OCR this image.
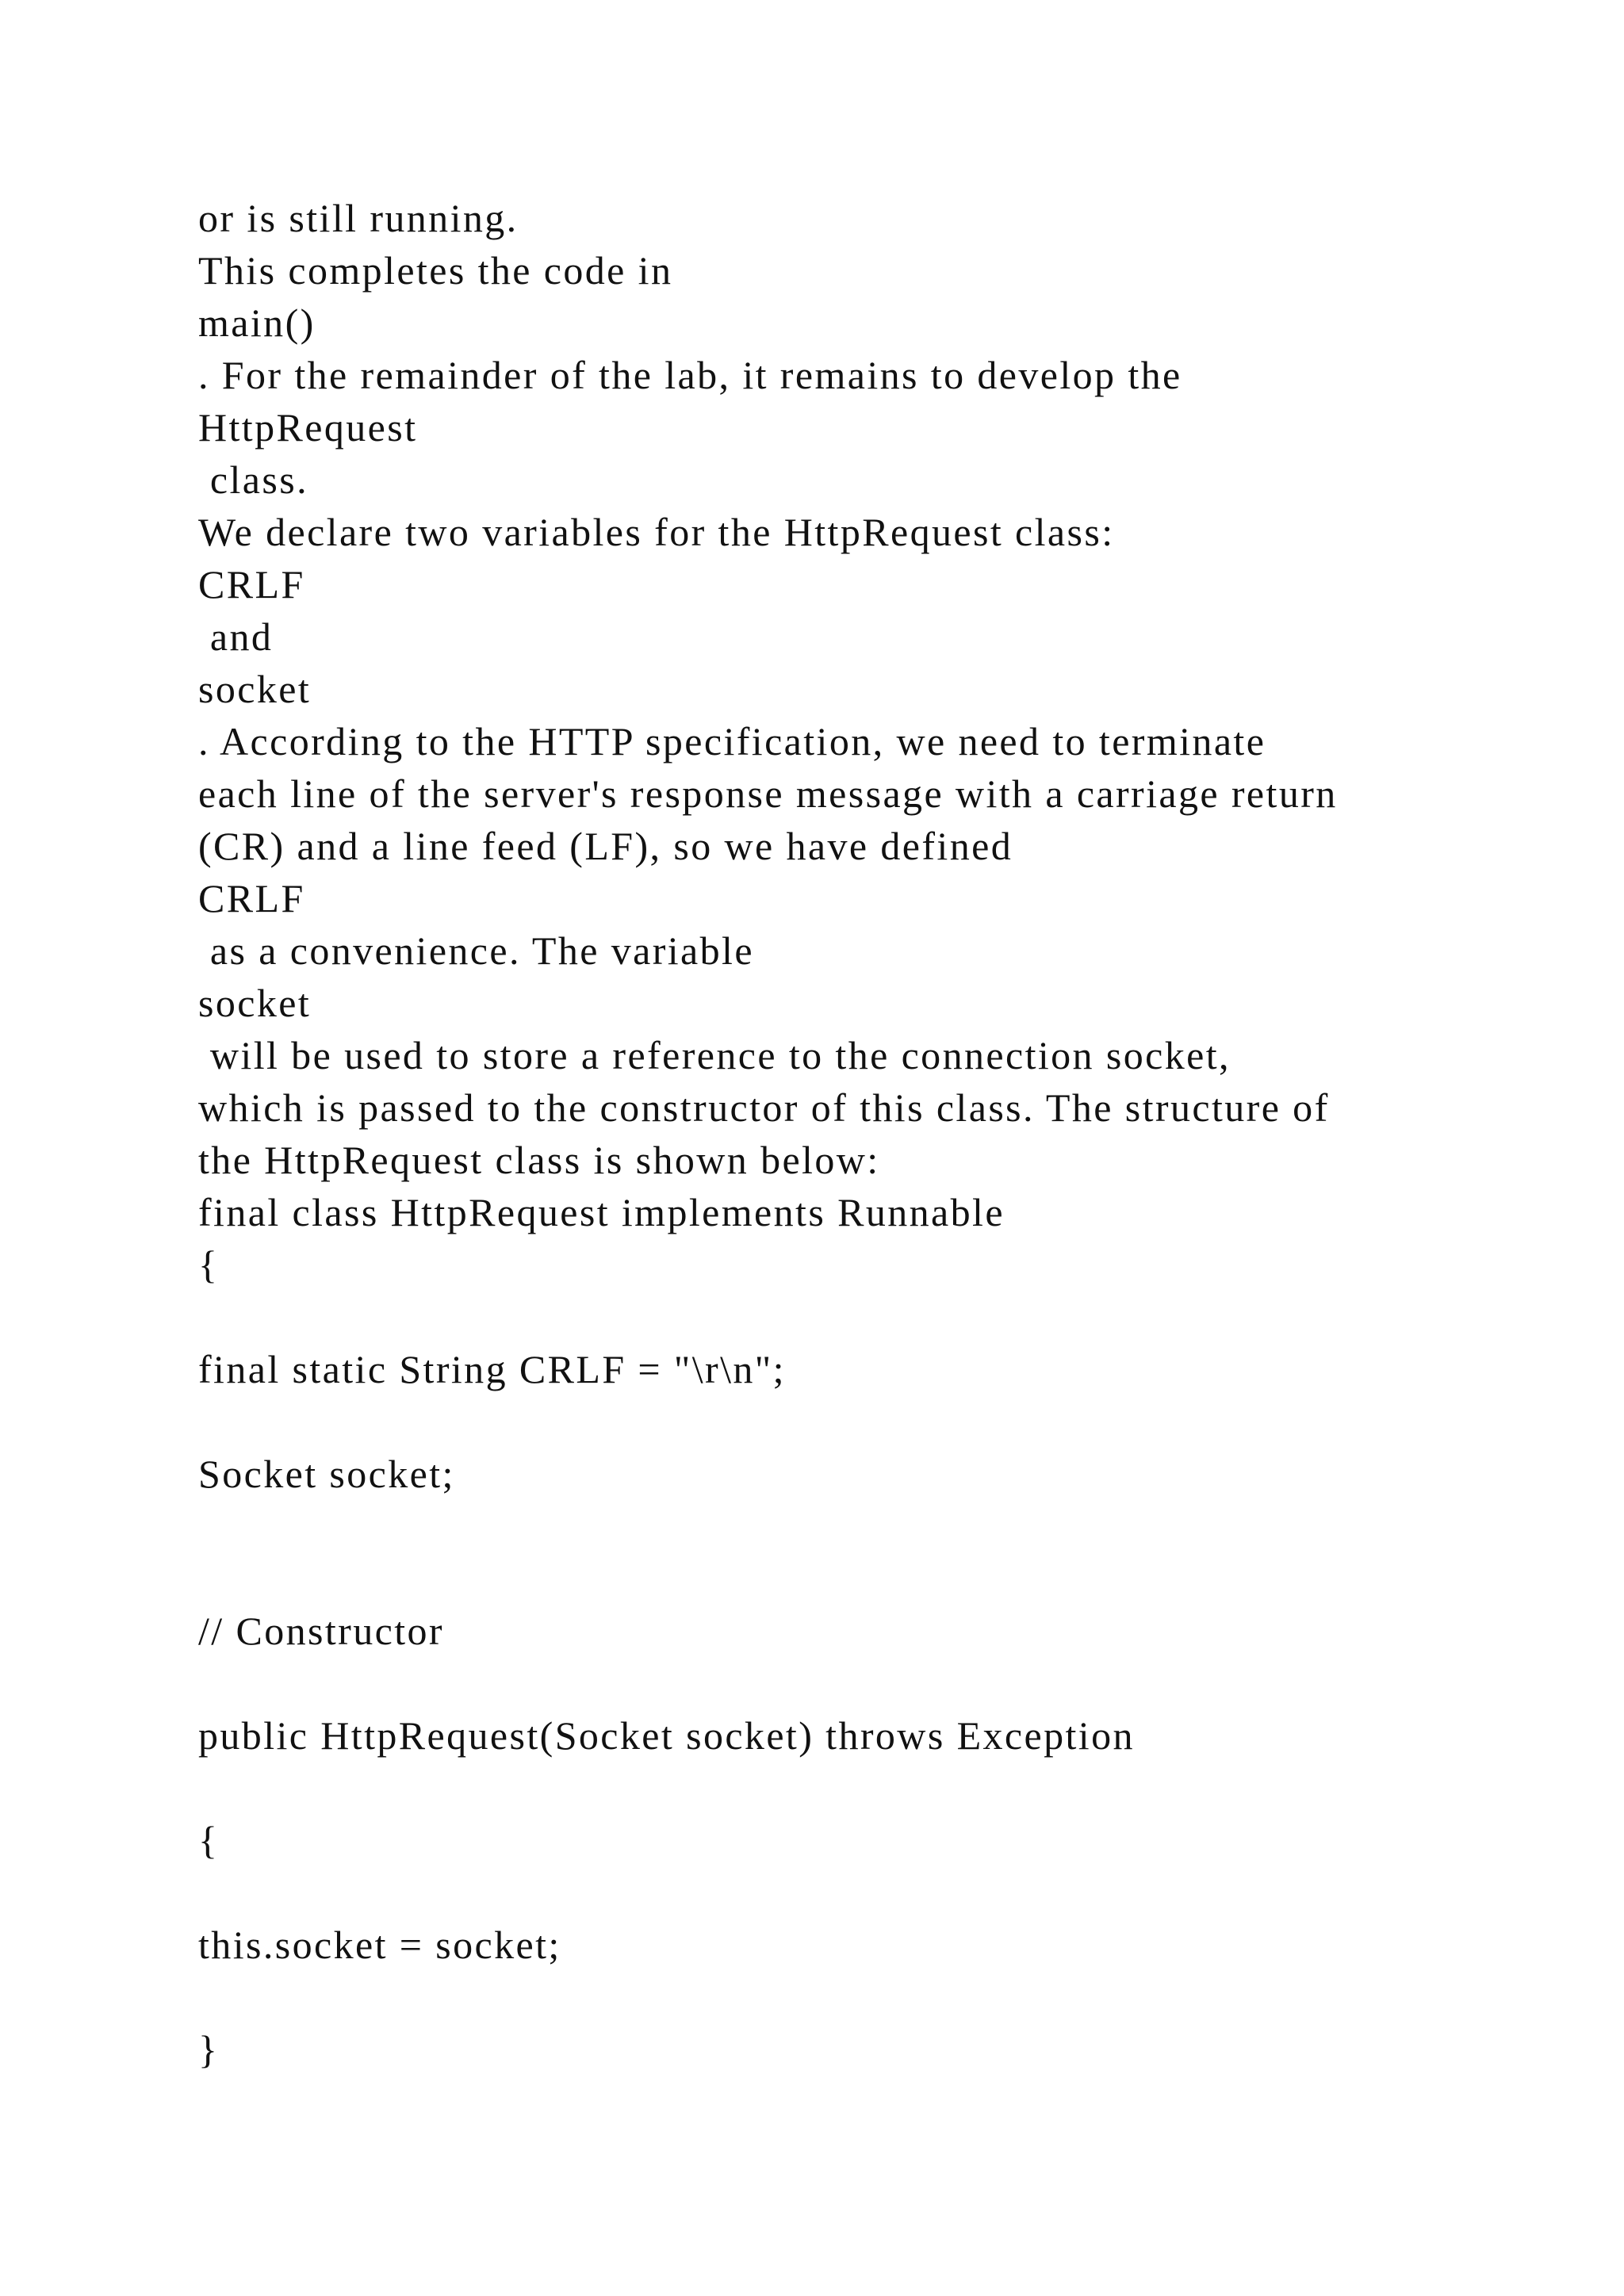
or is still running.
This completes the code in
main()
. For the remainder of the lab, it remains to develop the
HttpRequest
class.
We declare two variables for the HttpRequest class:
CRLF
and
socket
. According to the HTTP specification, we need to terminate
each line of the server's response message with a carriage return
(CR) and a line feed (LF), so we have defined
CRLF
as a convenience. The variable
socket
will be used to store a reference to the connection socket,
which is passed to the constructor of this class. The structure of
the HttpRequest class is shown below:
final class HttpRequest implements Runnable
{
final static String CRLF = "\r\n";
Socket socket;
// Constructor
public HttpRequest(Socket socket) throws Exception
{
this.socket = socket;
}
